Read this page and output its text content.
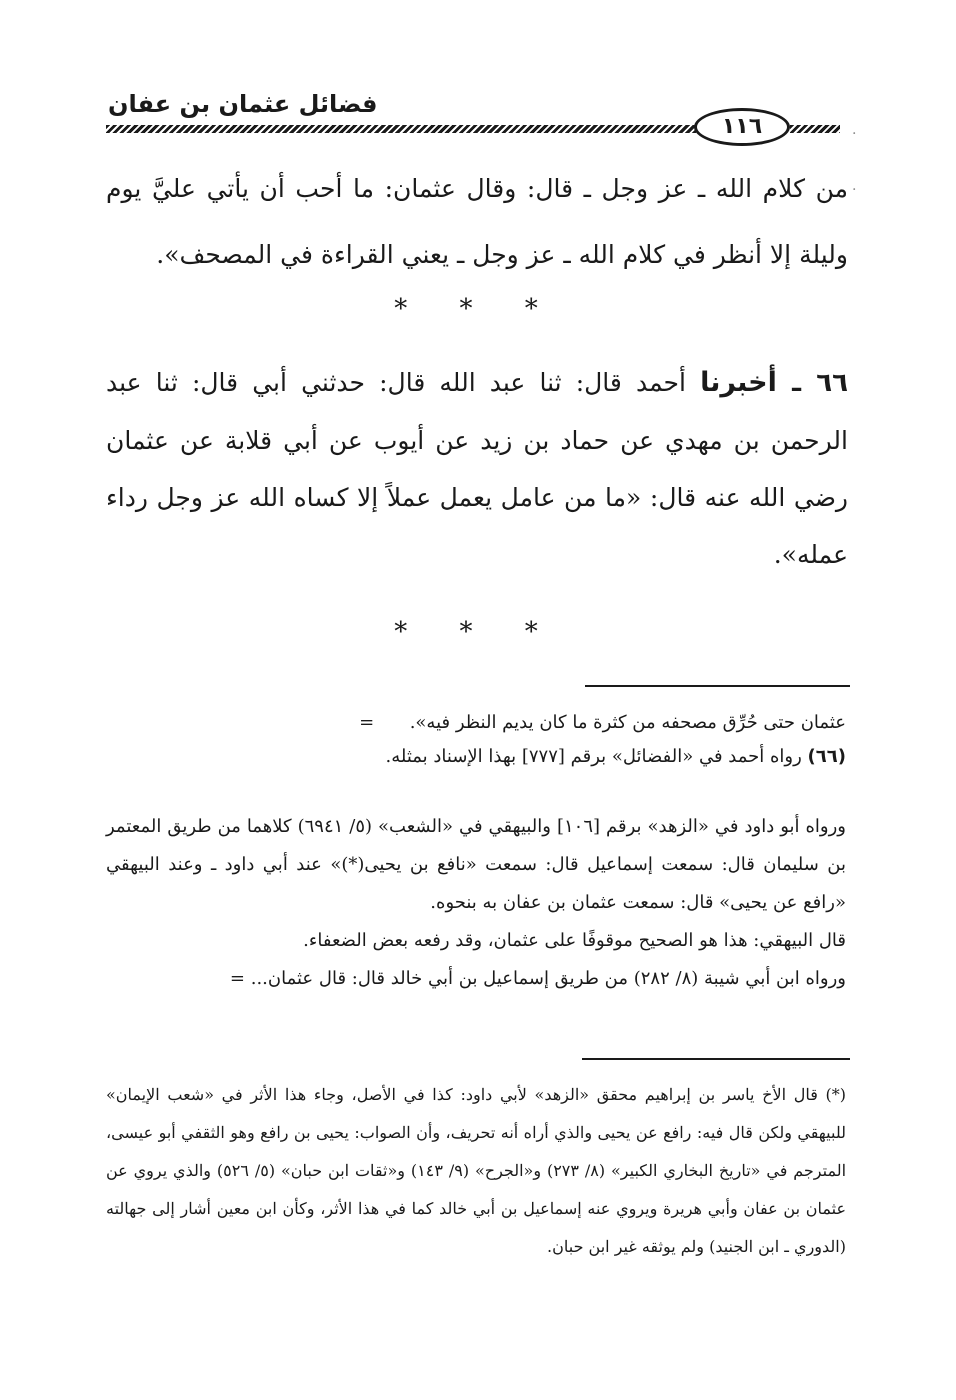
فضائل عثمان بن عفان
١١٦
من كلام الله ـ عز وجل ـ قال: وقال عثمان: ما أحب أن يأتي عليَّ يوم وليلة إلا أنظر في كلام الله ـ عز وجل ـ يعني القراءة في المصحف».
* * *
٦٦ ـ أخبرنا أحمد قال: ثنا عبد الله قال: حدثني أبي قال: ثنا عبد الرحمن بن مهدي عن حماد بن زيد عن أيوب عن أبي قلابة عن عثمان رضي الله عنه قال: «ما من عامل يعمل عملاً إلا كساه الله عز وجل رداء عمله».
* * *
عثمان حتى حُرِّق مصحفه من كثرة ما كان يديم النظر فيه».  =
(٦٦) رواه أحمد في «الفضائل» برقم [٧٧٧] بهذا الإسناد بمثله.

ورواه أبو داود في «الزهد» برقم [١٠٦] والبيهقي في «الشعب» (٥/ ٦٩٤١) كلاهما من طريق المعتمر بن سليمان قال: سمعت إسماعيل قال: سمعت «نافع بن يحيى(*)» عند أبي داود ـ وعند البيهقي «رافع عن يحيى» قال: سمعت عثمان بن عفان به بنحوه.

قال البيهقي: هذا هو الصحيح موقوفًا على عثمان، وقد رفعه بعض الضعفاء.

ورواه ابن أبي شيبة (٨/ ٢٨٢) من طريق إسماعيل بن أبي خالد قال: قال عثمان... =

(*) قال الأخ ياسر بن إبراهيم محقق «الزهد» لأبي داود: كذا في الأصل، وجاء هذا الأثر في «شعب الإيمان» للبيهقي ولكن قال فيه: رافع عن يحيى والذي أراه أنه تحريف، وأن الصواب: يحيى بن رافع وهو الثقفي أبو عيسى، المترجم في «تاريخ البخاري الكبير» (٨/ ٢٧٣) و«الجرح» (٩/ ١٤٣) و«ثقات ابن حبان» (٥/ ٥٢٦) والذي يروي عن عثمان بن عفان وأبي هريرة ويروي عنه إسماعيل بن أبي خالد كما في هذا الأثر، وكأن ابن معين أشار إلى جهالته (الدوري ـ ابن الجنيد) ولم يوثقه غير ابن حبان.
.
.
